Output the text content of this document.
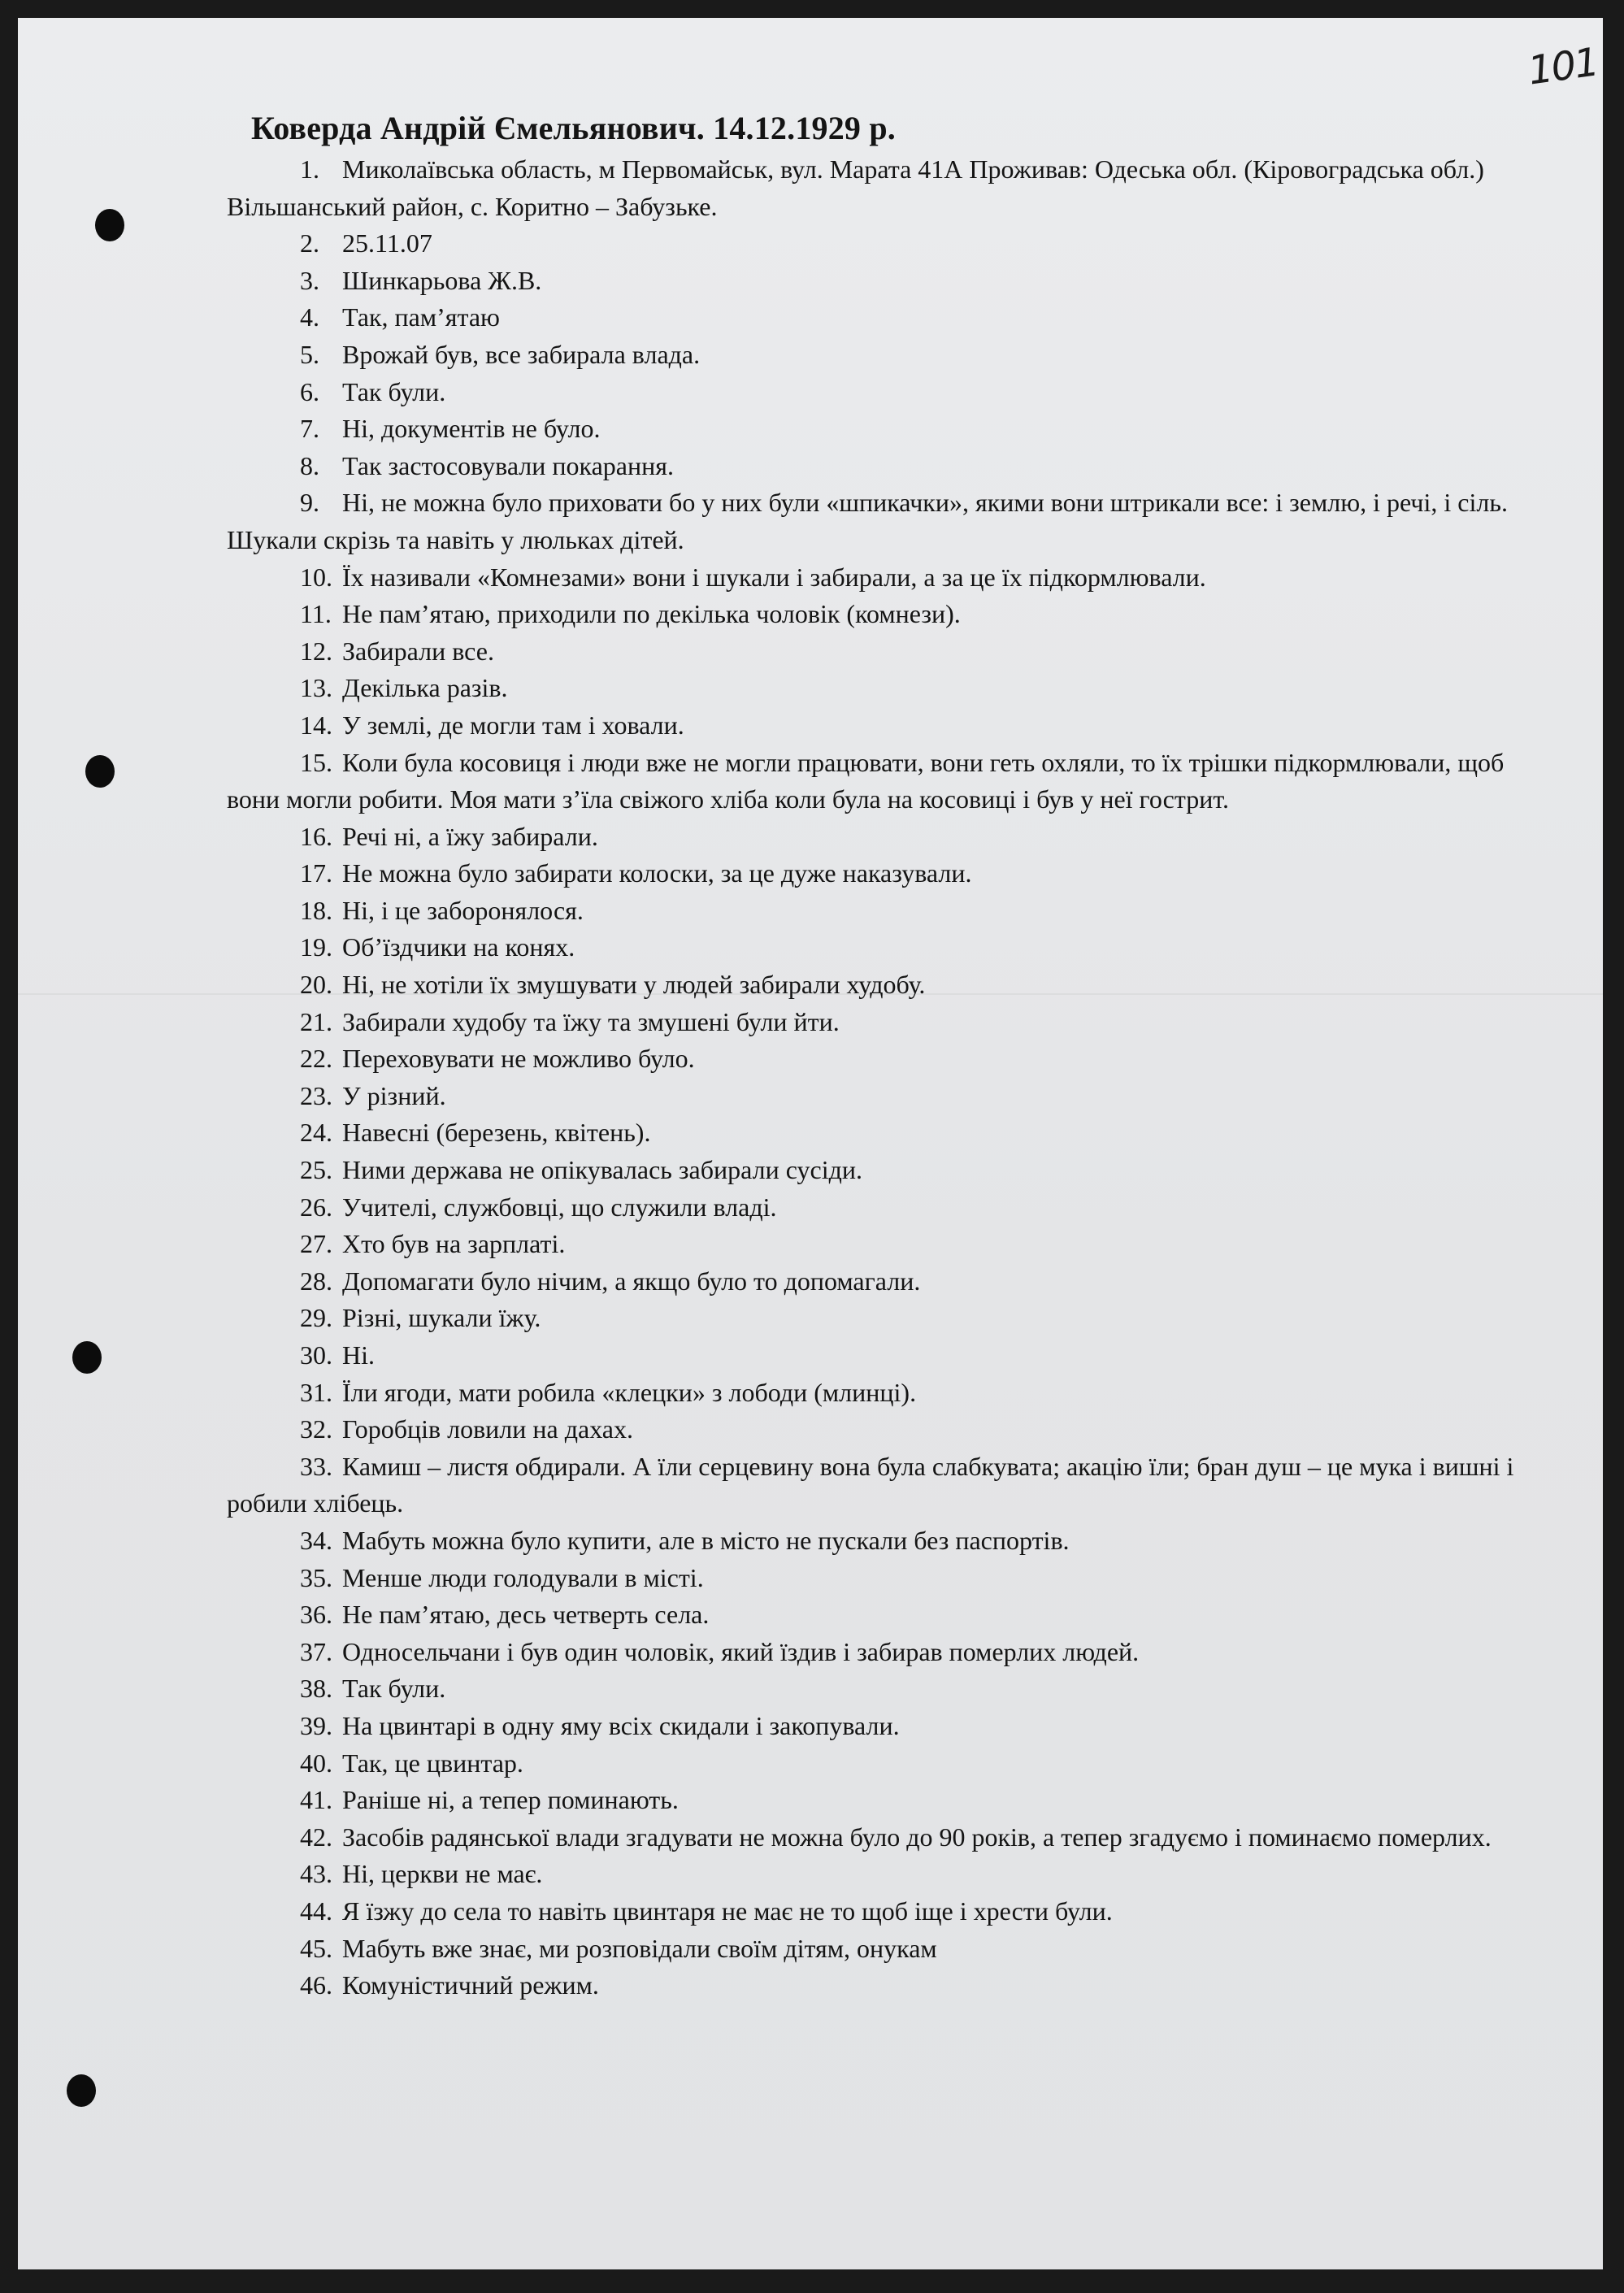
101
Коверда Андрій Ємельянович. 14.12.1929 р.
1. Миколаївська область, м Первомайськ, вул. Марата 41А Проживав: Одеська обл. (Кіровоградська обл.) Вільшанський район, с. Коритно – Забузьке.
2. 25.11.07
3. Шинкарьова Ж.В.
4. Так, пам’ятаю
5. Врожай був, все забирала влада.
6. Так були.
7. Ні, документів не було.
8. Так застосовували покарання.
9. Ні, не можна було приховати бо у них були «шпикачки», якими вони штрикали все: і землю, і речі, і сіль. Шукали скрізь та навіть у люльках дітей.
10. Їх називали «Комнезами» вони і шукали і забирали, а за це їх підкормлювали.
11. Не пам’ятаю, приходили по декілька чоловік (комнези).
12. Забирали все.
13. Декілька разів.
14. У землі, де могли там і ховали.
15. Коли була косовиця і люди вже не могли працювати, вони геть охляли, то їх трішки підкормлювали, щоб вони могли робити. Моя мати з’їла свіжого хліба коли була на косовиці і був у неї гострит.
16. Речі ні, а їжу забирали.
17. Не можна було забирати колоски, за це дуже наказували.
18. Ні, і це заборонялося.
19. Об’їздчики на конях.
20. Ні, не хотіли їх змушувати у людей забирали худобу.
21. Забирали худобу та їжу та змушені були йти.
22. Переховувати не можливо було.
23. У різний.
24. Навесні (березень, квітень).
25. Ними держава не опікувалась забирали сусіди.
26. Учителі, службовці, що служили владі.
27. Хто був на зарплаті.
28. Допомагати було нічим, а якщо було то допомагали.
29. Різні, шукали їжу.
30. Ні.
31. Їли ягоди, мати робила «клецки» з лободи (млинці).
32. Горобців ловили на дахах.
33. Камиш – листя обдирали. А їли серцевину вона була слабкувата; акацію їли; бран душ – це мука і вишні і робили хлібець.
34. Мабуть можна було купити, але в місто не пускали без паспортів.
35. Менше люди голодували в місті.
36. Не пам’ятаю, десь четверть села.
37. Односельчани і був один чоловік, який їздив і забирав померлих людей.
38. Так були.
39. На цвинтарі в одну яму всіх скидали і закопували.
40. Так, це цвинтар.
41. Раніше ні, а тепер поминають.
42. Засобів радянської влади згадувати не можна було до 90 років, а тепер згадуємо і поминаємо померлих.
43. Ні, церкви не має.
44. Я їзжу до села то навіть цвинтаря не має не то щоб іще і хрести були.
45. Мабуть вже знає, ми розповідали своїм дітям, онукам
46. Комуністичний режим.
